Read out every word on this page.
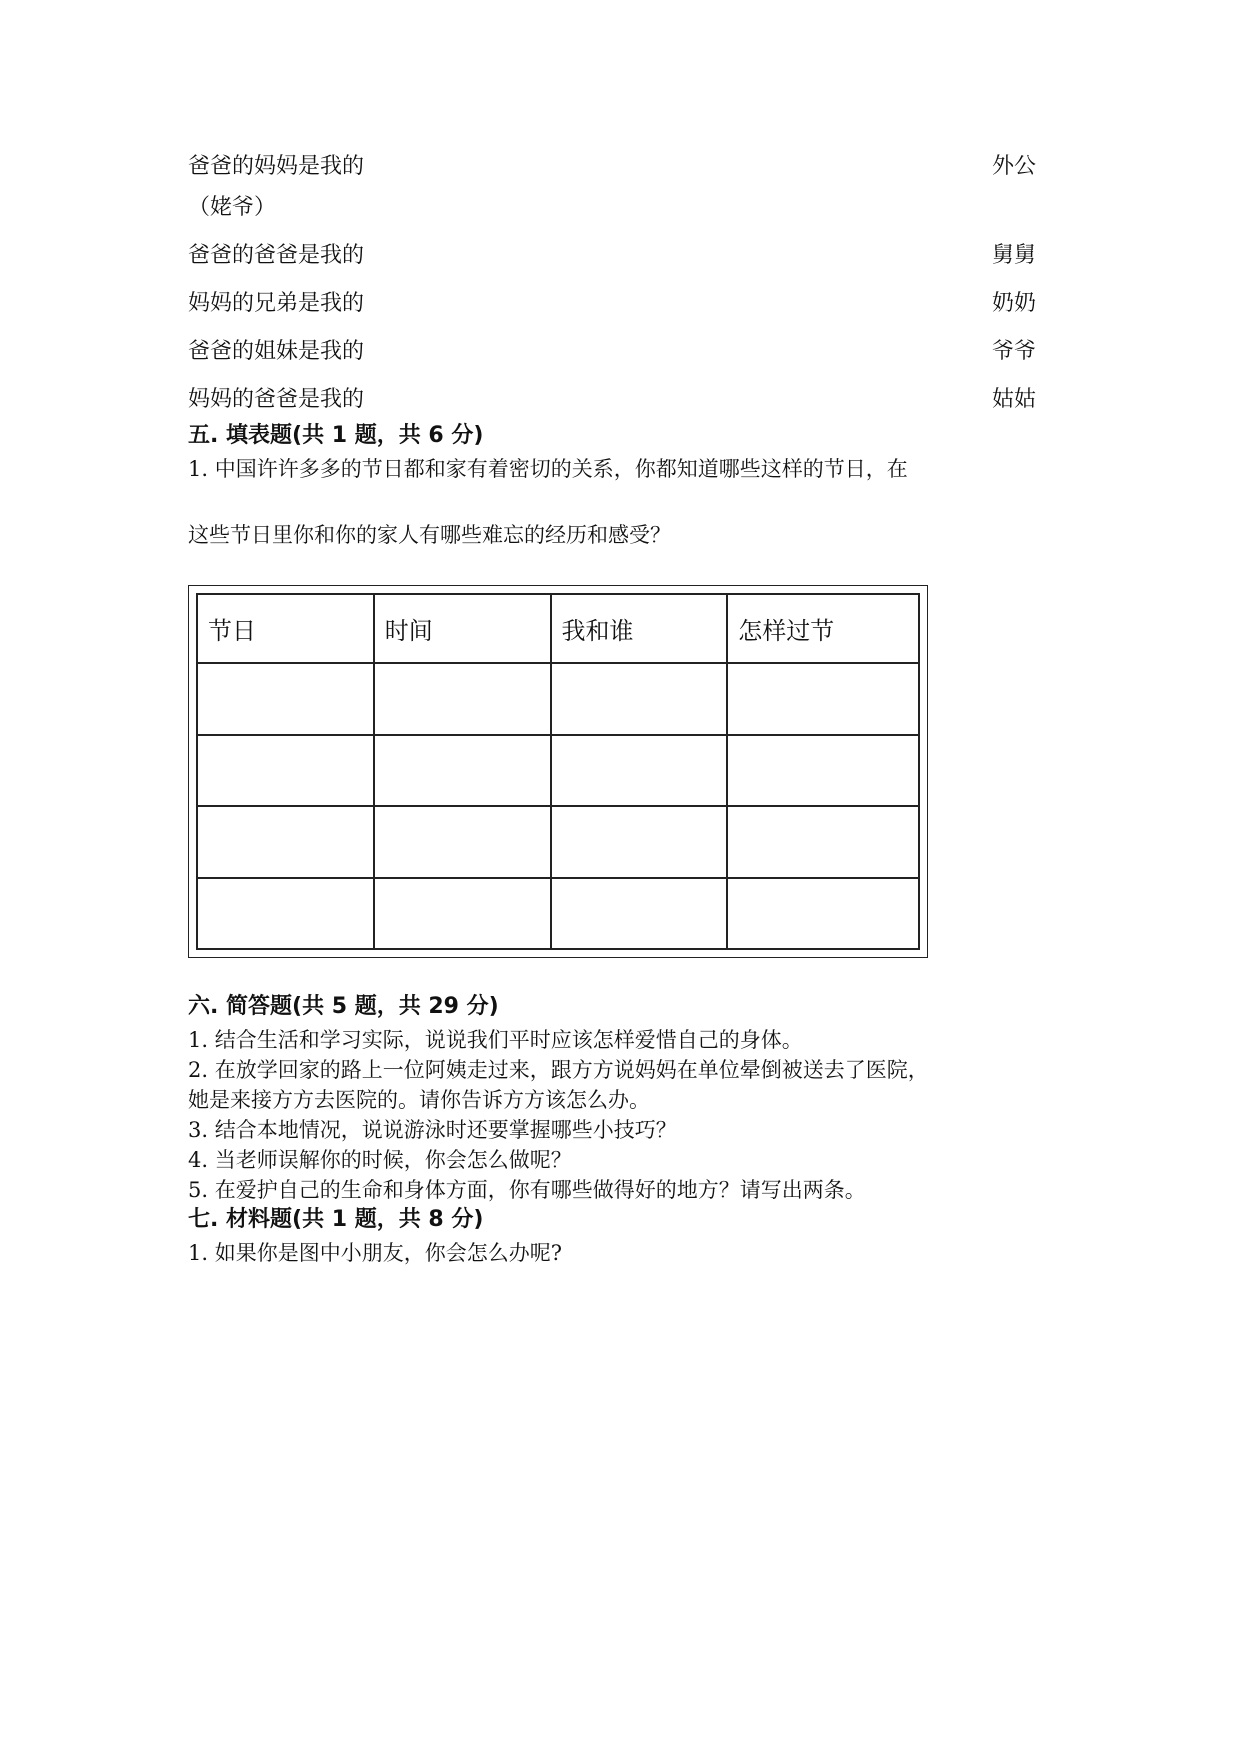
爸爸的妈妈是我的	外公
（姥爷）
爸爸的爸爸是我的	舅舅
妈妈的兄弟是我的	奶奶
爸爸的姐妹是我的	爷爷
妈妈的爸爸是我的	姑姑
五. 填表题(共 1 题，共 6 分)
1. 中国许许多多的节日都和家有着密切的关系，你都知道哪些这样的节日，在
这些节日里你和你的家人有哪些难忘的经历和感受？
节日	时间	我和谁	怎样过节

六. 简答题(共 5 题，共 29 分)
1. 结合生活和学习实际，说说我们平时应该怎样爱惜自己的身体。
2. 在放学回家的路上一位阿姨走过来，跟方方说妈妈在单位晕倒被送去了医院，
她是来接方方去医院的。请你告诉方方该怎么办。
3. 结合本地情况，说说游泳时还要掌握哪些小技巧？
4. 当老师误解你的时候，你会怎么做呢？
5. 在爱护自己的生命和身体方面，你有哪些做得好的地方？请写出两条。
七. 材料题(共 1 题，共 8 分)
1. 如果你是图中小朋友，你会怎么办呢?
